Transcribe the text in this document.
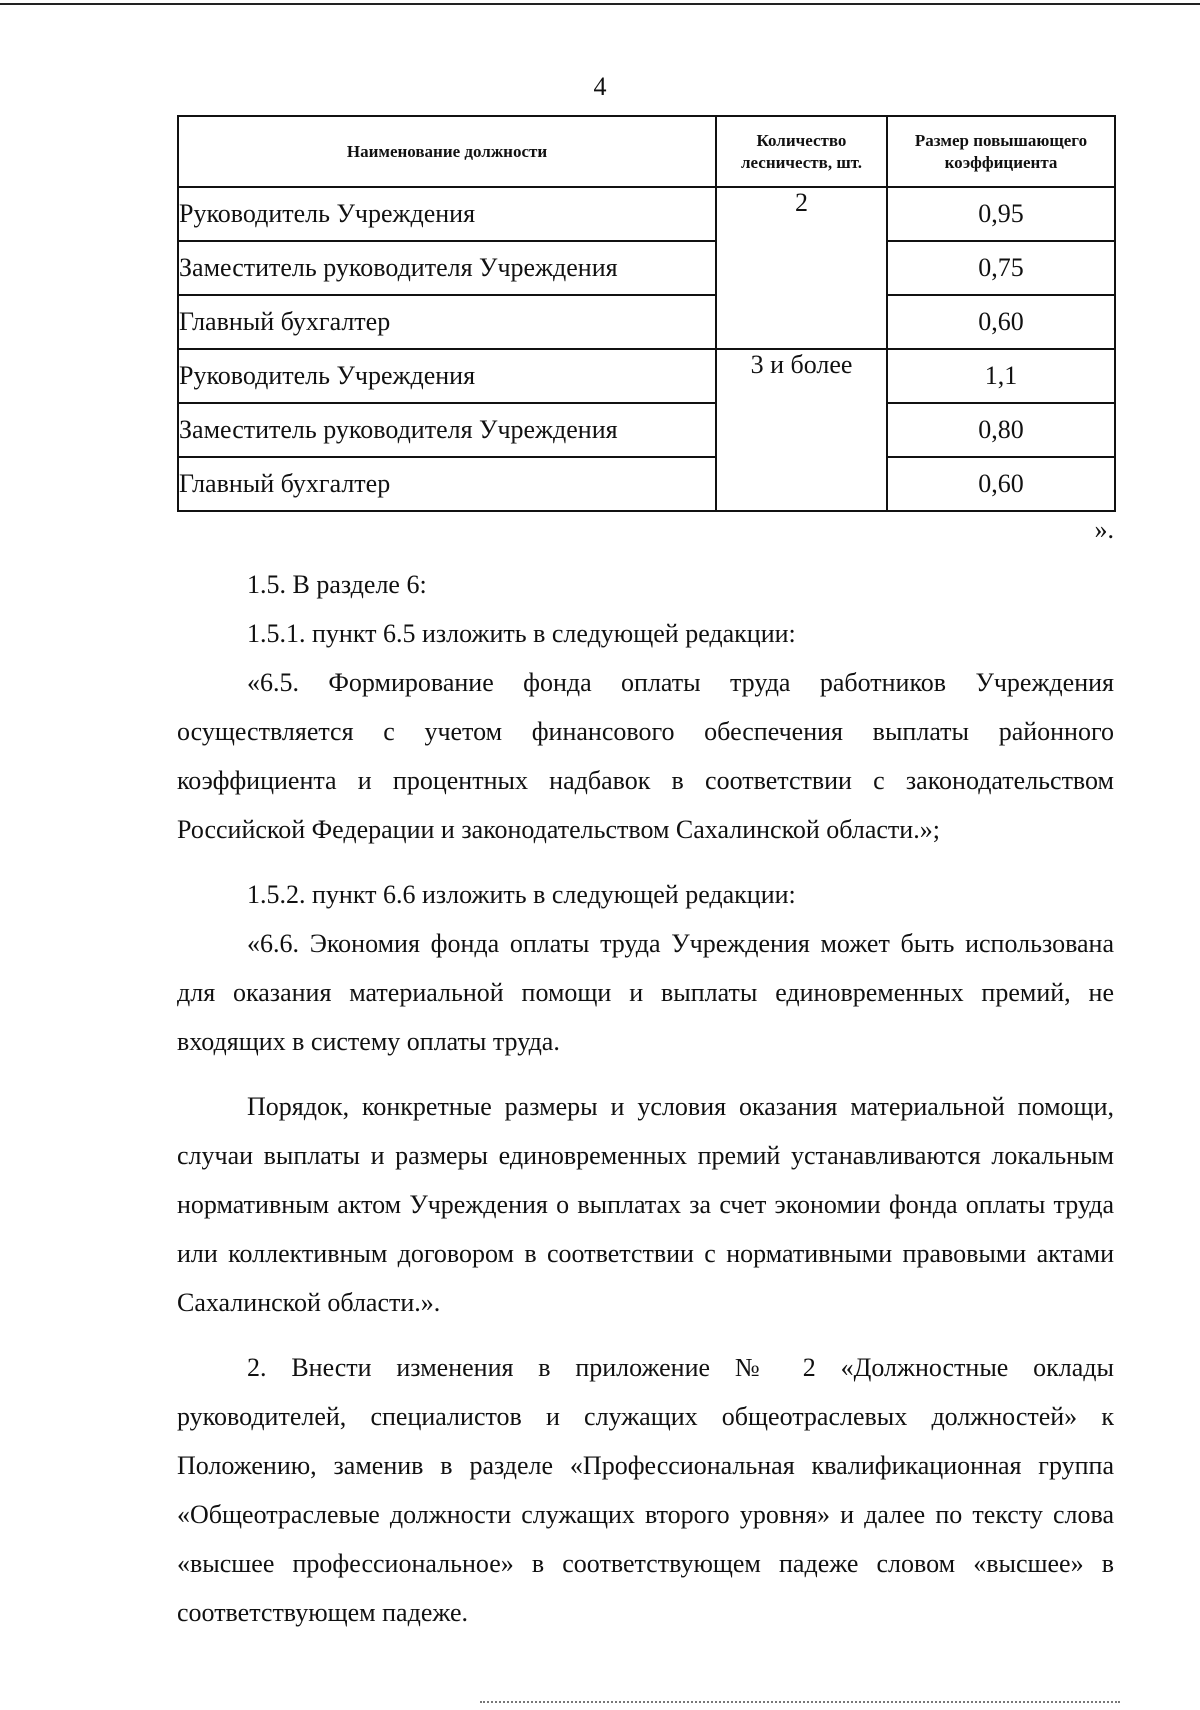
4
Наименование должности	Количество лесничеств, шт.	Размер повышающего коэффициента
Руководитель Учреждения	2	0,95
Заместитель руководителя Учреждения		0,75
Главный бухгалтер		0,60
Руководитель Учреждения	3 и более	1,1
Заместитель руководителя Учреждения		0,80
Главный бухгалтер		0,60
».

1.5. В разделе 6:

1.5.1. пункт 6.5 изложить в следующей редакции:

«6.5. Формирование фонда оплаты труда работников Учреждения осуществляется с учетом финансового обеспечения выплаты районного коэффициента и процентных надбавок в соответствии с законодательством Российской Федерации и законодательством Сахалинской области.»;

1.5.2. пункт 6.6 изложить в следующей редакции:

«6.6. Экономия фонда оплаты труда Учреждения может быть использована для оказания материальной помощи и выплаты единовременных премий, не входящих в систему оплаты труда.

Порядок, конкретные размеры и условия оказания материальной помощи, случаи выплаты и размеры единовременных премий устанавливаются локальным нормативным актом Учреждения о выплатах за счет экономии фонда оплаты труда или коллективным договором в соответствии с нормативными правовыми актами Сахалинской области.».

2. Внести изменения в приложение № 2 «Должностные оклады руководителей, специалистов и служащих общеотраслевых должностей» к Положению, заменив в разделе «Профессиональная квалификационная группа «Общеотраслевые должности служащих второго уровня» и далее по тексту слова «высшее профессиональное» в соответствующем падеже словом «высшее» в соответствующем падеже.
